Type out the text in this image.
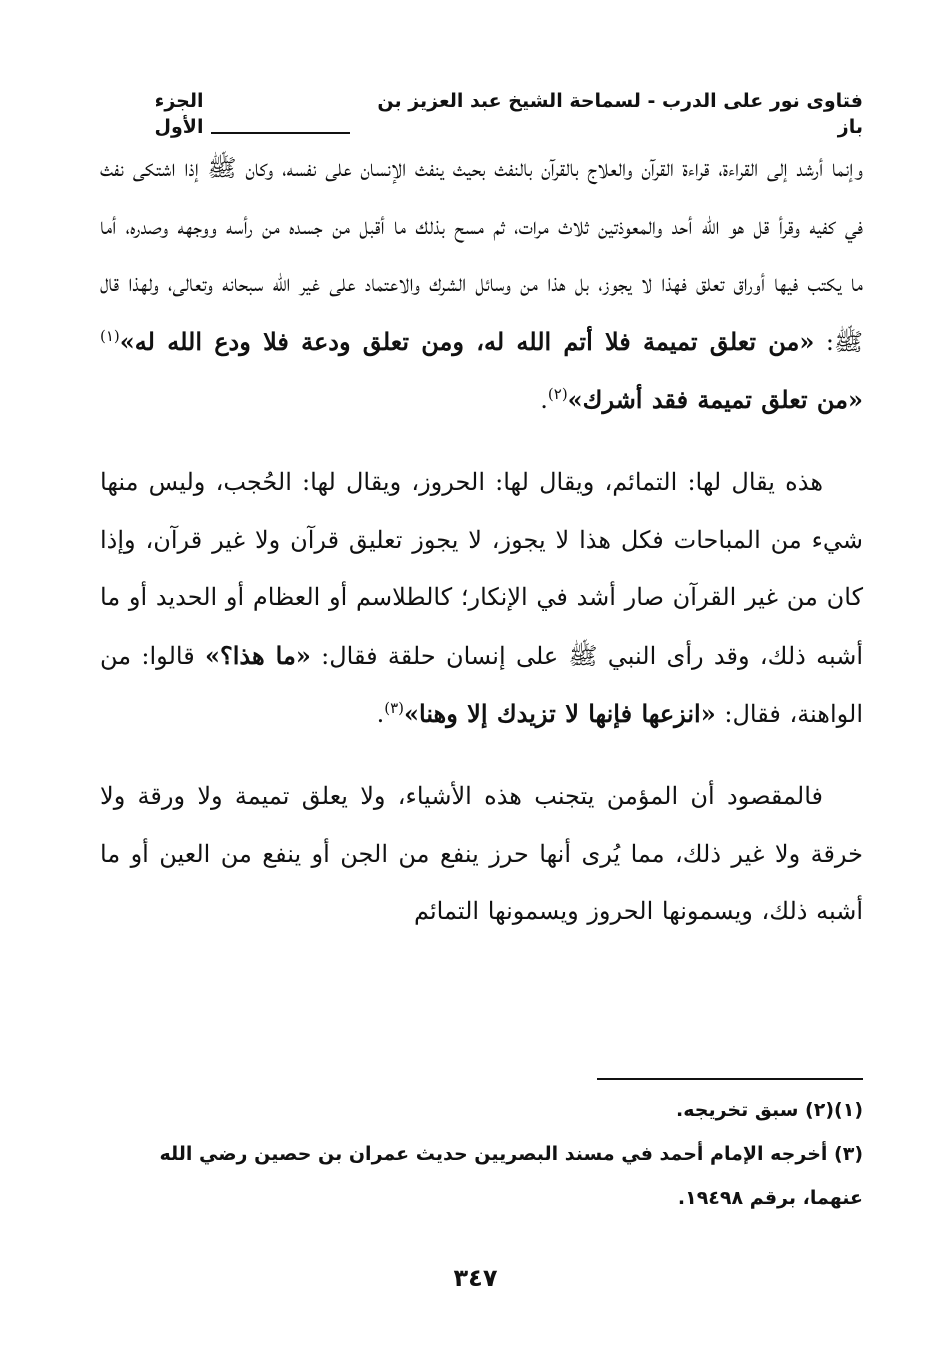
فتاوى نور على الدرب - لسماحة الشيخ عبد العزيز بن باز
الجزء الأول

وإنما أرشد إلى القراءة، قراءة القرآن والعلاج بالقرآن بالنفث بحيث ينفث الإنسان على نفسه، وكان ﷺ إذا اشتكى نفث في كفيه وقرأ قل هو الله أحد والمعوذتين ثلاث مرات، ثم مسح بذلك ما أقبل من جسده من رأسه ووجهه وصدره، أما ما يكتب فيها أوراق تعلق فهذا لا يجوز، بل هذا من وسائل الشرك والاعتماد على غير الله سبحانه وتعالى، ولهذا قال ﷺ: «من تعلق تميمة فلا أتم الله له، ومن تعلق ودعة فلا ودع الله له»$^{(١)}$ «من تعلق تميمة فقد أشرك»$^{(٢)}$.

هذه يقال لها: التمائم، ويقال لها: الحروز، ويقال لها: الحُجب، وليس منها شيء من المباحات فكل هذا لا يجوز، لا يجوز تعليق قرآن ولا غير قرآن، وإذا كان من غير القرآن صار أشد في الإنكار؛ كالطلاسم أو العظام أو الحديد أو ما أشبه ذلك، وقد رأى النبي ﷺ على إنسان حلقة فقال: «ما هذا؟» قالوا: من الواهنة، فقال: «انزعها فإنها لا تزيدك إلا وهنا»$^{(٣)}$.

فالمقصود أن المؤمن يتجنب هذه الأشياء، ولا يعلق تميمة ولا ورقة ولا خرقة ولا غير ذلك، مما يُرى أنها حرز ينفع من الجن أو ينفع من العين أو ما أشبه ذلك، ويسمونها الحروز ويسمونها التمائم

(١)(٢) سبق تخريجه.

(٣) أخرجه الإمام أحمد في مسند البصريين حديث عمران بن حصين رضي الله عنهما، برقم ١٩٤٩٨.

٣٤٧
